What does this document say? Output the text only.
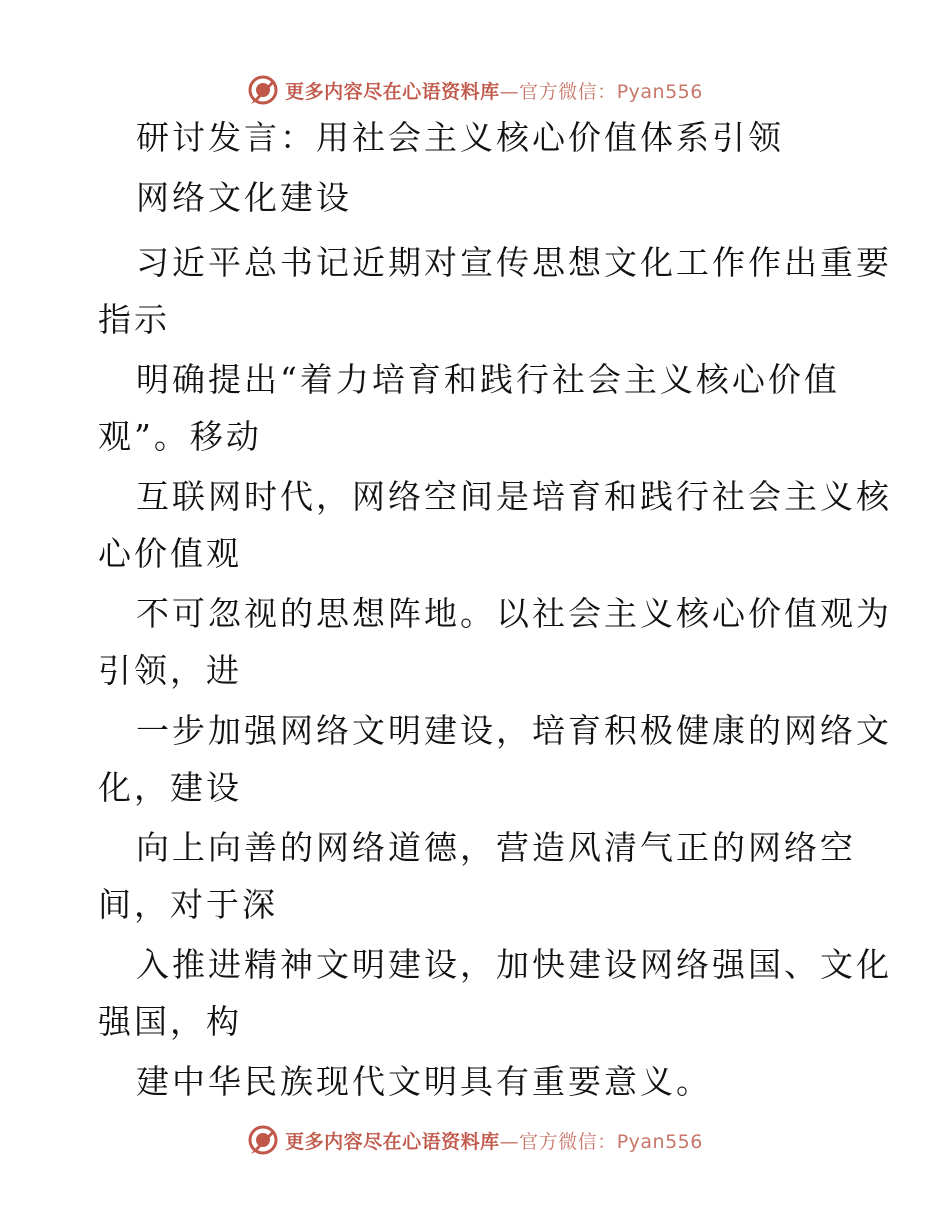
更多内容尽在心语资料库—官方微信：Pyan556
研讨发言：用社会主义核心价值体系引领
网络文化建设
习近平总书记近期对宣传思想文化工作作出重要
指示
明确提出“着力培育和践行社会主义核心价值
观”。移动
互联网时代，网络空间是培育和践行社会主义核
心价值观
不可忽视的思想阵地。以社会主义核心价值观为
引领，进
一步加强网络文明建设，培育积极健康的网络文
化，建设
向上向善的网络道德，营造风清气正的网络空
间，对于深
入推进精神文明建设，加快建设网络强国、文化
强国，构
建中华民族现代文明具有重要意义。
更多内容尽在心语资料库—官方微信：Pyan556
